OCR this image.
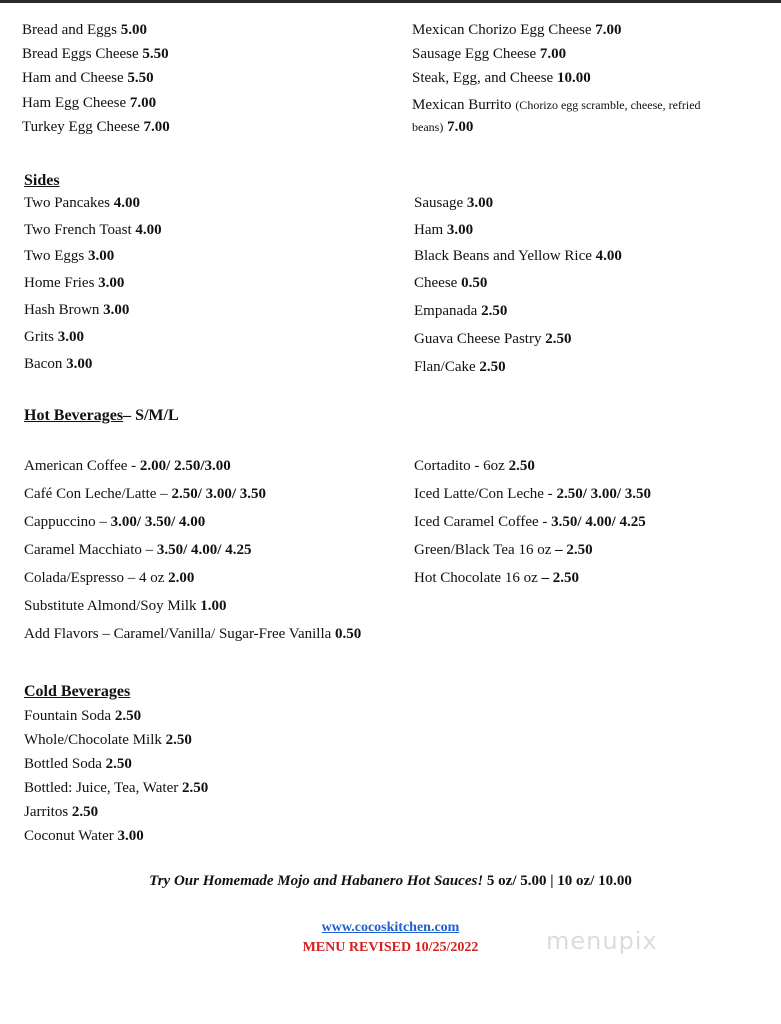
Bread and Eggs 5.00
Bread Eggs Cheese 5.50
Ham and Cheese 5.50
Ham Egg Cheese 7.00
Turkey Egg Cheese 7.00
Mexican Chorizo Egg Cheese 7.00
Sausage Egg Cheese 7.00
Steak, Egg, and Cheese 10.00
Mexican Burrito (Chorizo egg scramble, cheese, refried
beans) 7.00
Sides
Two Pancakes 4.00
Two French Toast 4.00
Two Eggs 3.00
Home Fries 3.00
Hash Brown 3.00
Grits 3.00
Bacon 3.00
Sausage 3.00
Ham 3.00
Black Beans and Yellow Rice 4.00
Cheese 0.50
Empanada 2.50
Guava Cheese Pastry 2.50
Flan/Cake 2.50
Hot Beverages– S/M/L
American Coffee - 2.00/ 2.50/3.00
Café Con Leche/Latte – 2.50/ 3.00/ 3.50
Cappuccino – 3.00/ 3.50/ 4.00
Caramel Macchiato – 3.50/ 4.00/ 4.25
Colada/Espresso – 4 oz 2.00
Substitute Almond/Soy Milk 1.00
Add Flavors – Caramel/Vanilla/ Sugar-Free Vanilla 0.50
Cortadito - 6oz 2.50
Iced Latte/Con Leche - 2.50/ 3.00/ 3.50
Iced Caramel Coffee - 3.50/ 4.00/ 4.25
Green/Black Tea 16 oz – 2.50
Hot Chocolate 16 oz – 2.50
Cold Beverages
Fountain Soda 2.50
Whole/Chocolate Milk 2.50
Bottled Soda 2.50
Bottled: Juice, Tea, Water 2.50
Jarritos 2.50
Coconut Water 3.00
Try Our Homemade Mojo and Habanero Hot Sauces! 5 oz/ 5.00 | 10 oz/ 10.00
www.cocoskitchen.com
MENU REVISED 10/25/2022	menupix
